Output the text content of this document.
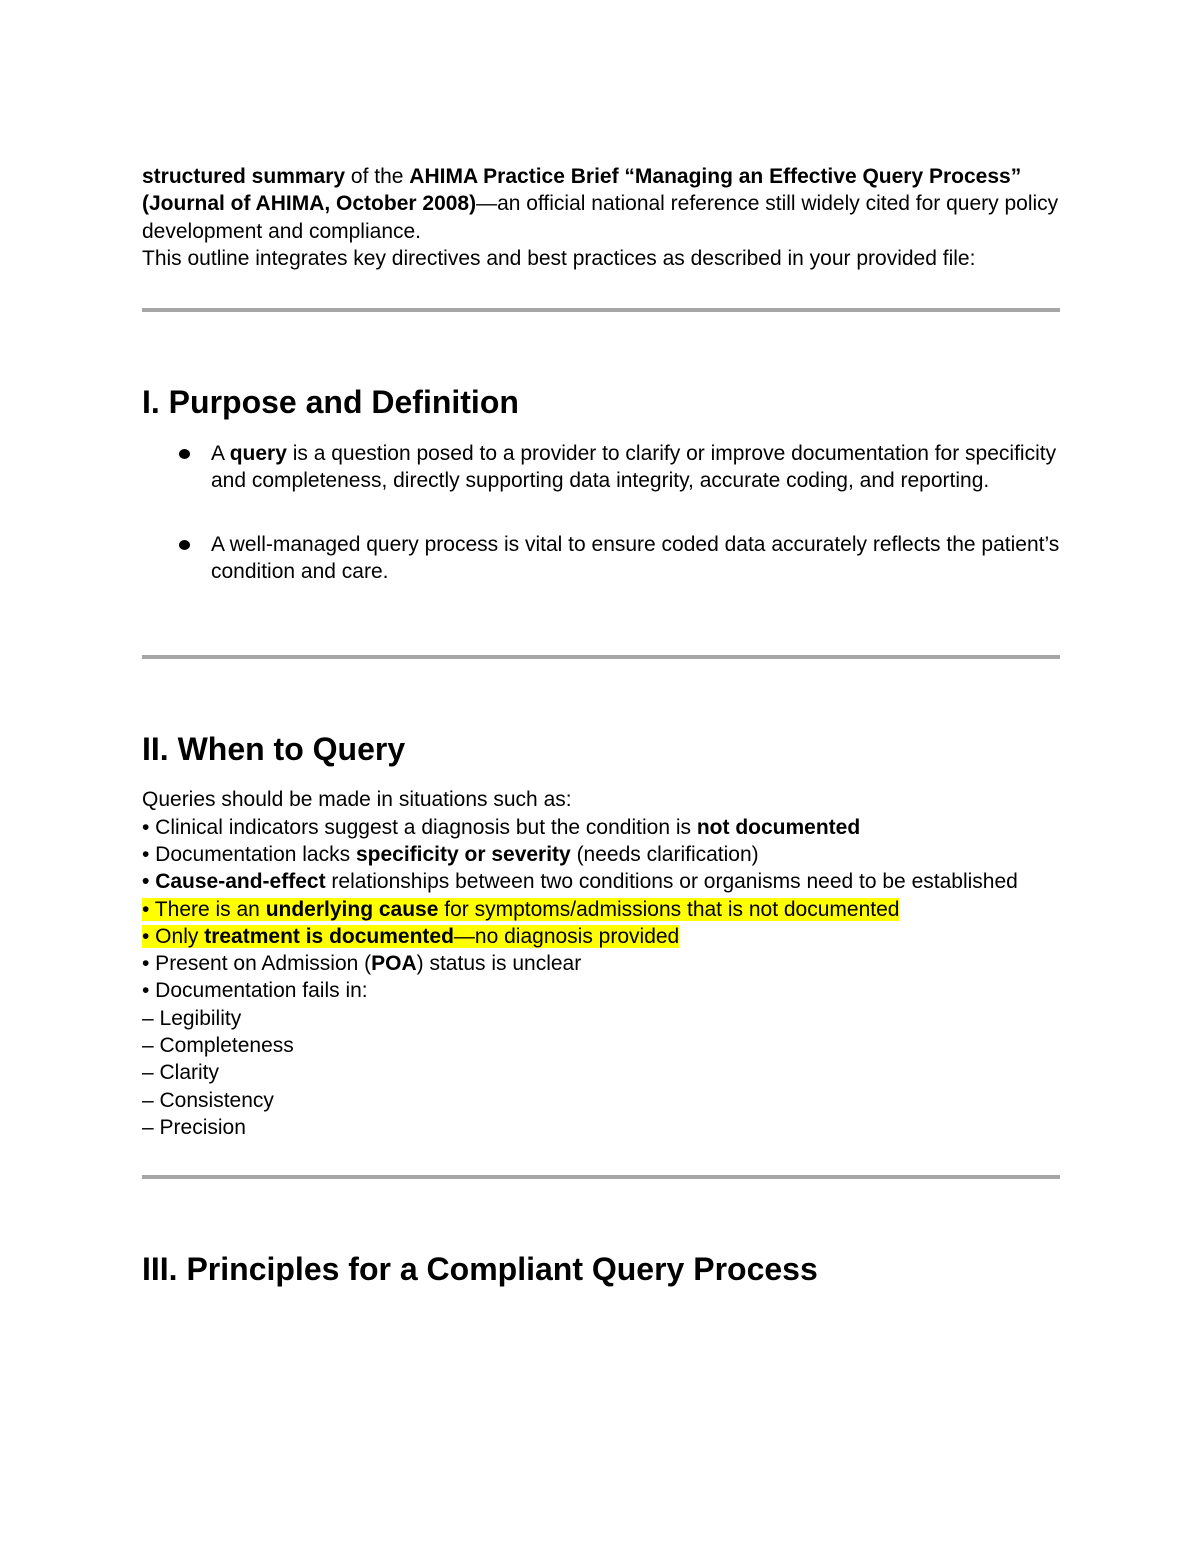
structured summary of the AHIMA Practice Brief “Managing an Effective Query Process” (Journal of AHIMA, October 2008)—an official national reference still widely cited for query policy development and compliance.

This outline integrates key directives and best practices as described in your provided file:

I. Purpose and Definition
A query is a question posed to a provider to clarify or improve documentation for specificity and completeness, directly supporting data integrity, accurate coding, and reporting.
A well-managed query process is vital to ensure coded data accurately reflects the patient’s condition and care.
II. When to Query
Queries should be made in situations such as:
• Clinical indicators suggest a diagnosis but the condition is not documented
• Documentation lacks specificity or severity (needs clarification)
• Cause-and-effect relationships between two conditions or organisms need to be established
• There is an underlying cause for symptoms/admissions that is not documented
• Only treatment is documented—no diagnosis provided
• Present on Admission (POA) status is unclear
• Documentation fails in:
– Legibility
– Completeness
– Clarity
– Consistency
– Precision
III. Principles for a Compliant Query Process
